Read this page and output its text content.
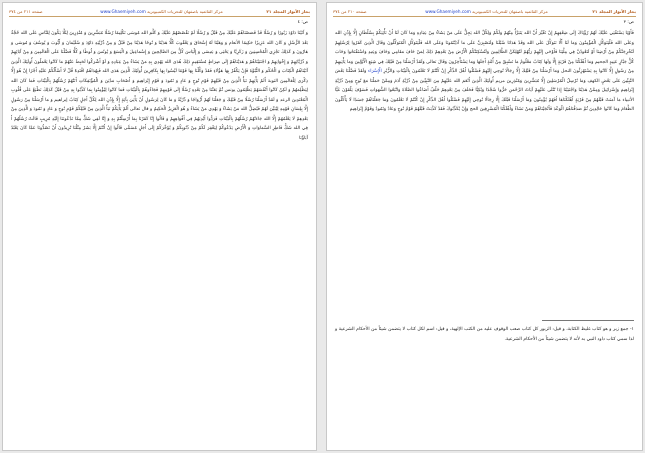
بحار الأنوار المجلد ٢١
مركز القائمية باصفهان للتحريات الكمبيوترية www.Ghaemiyeh.com
صفحة ٢١١ من ٣٧٤
ص: ٤

وَ آتَيْنَا دَاوُدَ زَبُورًا وَ رُسُلًا قَدْ قَصَصْنَاهُمْ عَلَيْكَ مِنْ قَبْلُ وَ رُسُلًا لَمْ نَقْصُصْهُمْ عَلَيْكَ وَ كَلَّمَ الله مُوسَى تَكْلِيمًا رُسُلًا مُبَشِّرِينَ وَ مُنْذِرِينَ لِئَلَّا يَكُونَ لِلنَّاسِ عَلَى الله حُجَّةٌ بَعْدَ الرُّسُلِ وَ كَانَ الله عَزِيزًا حَكِيمًا الأنعام وَ وَهَبْنَا لَهُ إِسْحَاقَ وَ يَعْقُوبَ كُلًّا هَدَيْنَا وَ نُوحًا هَدَيْنَا مِنْ قَبْلُ وَ مِنْ ذُرِّيَّتِهِ دَاوُدَ وَ سُلَيْمَانَ وَ أَيُّوبَ وَ يُوسُفَ وَ مُوسَى وَ هَارُونَ وَ كَذَلِكَ نَجْزِي الْمُحْسِنِينَ وَ زَكَرِيَّا وَ يَحْيَى وَ عِيسَى وَ إِلْيَاسَ كُلٌّ مِنَ الصَّالِحِينَ وَ إِسْمَاعِيلَ وَ الْيَسَعَ وَ يُونُسَ وَ لُوطًا وَ كُلًّا فَضَّلْنَا عَلَى الْعَالَمِينَ وَ مِنْ آبَائِهِمْ وَ ذُرِّيَّاتِهِمْ وَ إِخْوَانِهِمْ وَ اجْتَبَيْنَاهُمْ وَ هَدَيْنَاهُمْ إِلَى صِرَاطٍ مُسْتَقِيمٍ ذَلِكَ هُدَى الله يَهْدِي بِهِ مَنْ يَشَاءُ مِنْ عِبَادِهِ وَ لَوْ أَشْرَكُوا لَحَبِطَ عَنْهُمْ مَا كَانُوا يَعْمَلُونَ أُولَئِكَ الَّذِينَ آتَيْنَاهُمُ الْكِتَابَ وَ الْحُكْمَ وَ النُّبُوَّةَ فَإِنْ يَكْفُرْ بِهَا هَؤُلَاءِ فَقَدْ وَكَّلْنَا بِهَا قَوْمًا لَيْسُوا بِهَا بِكَافِرِينَ أُولَئِكَ الَّذِينَ هَدَى الله فَبِهُدَاهُمُ اقْتَدِهْ قُلْ لَا أَسْأَلُكُمْ عَلَيْهِ أَجْرًا إِنْ هُوَ إِلَّا ذِكْرَى لِلْعَالَمِينَ التوبة أَلَمْ يَأْتِهِمْ نَبَأُ الَّذِينَ مِنْ قَبْلِهِمْ قَوْمِ نُوحٍ وَ عَادٍ وَ ثَمُودَ وَ قَوْمِ إِبْرَاهِيمَ وَ أَصْحَابِ مَدْيَنَ وَ الْمُؤْتَفِكَاتِ أَتَتْهُمْ رُسُلُهُمْ بِالْبَيِّنَاتِ فَمَا كَانَ الله لِيَظْلِمَهُمْ وَ لَكِنْ كَانُوا أَنْفُسَهُمْ يَظْلِمُونَ يونس ثُمَّ بَعَثْنَا مِنْ بَعْدِهِ رُسُلًا إِلَى قَوْمِهِمْ فَجَاءُوهُمْ بِالْبَيِّنَاتِ فَمَا كَانُوا لِيُؤْمِنُوا بِمَا كَذَّبُوا بِهِ مِنْ قَبْلُ كَذَلِكَ نَطْبَعُ عَلَى قُلُوبِ الْمُعْتَدِينَ الرعد وَ لَقَدْ أَرْسَلْنَا رُسُلًا مِنْ قَبْلِكَ وَ جَعَلْنَا لَهُمْ أَزْوَاجًا وَ ذُرِّيَّةً وَ مَا كَانَ لِرَسُولٍ أَنْ يَأْتِيَ بِآيَةٍ إِلَّا بِإِذْنِ الله لِكُلِّ أَجَلٍ كِتَابٌ إبراهيم وَ مَا أَرْسَلْنَا مِنْ رَسُولٍ إِلَّا بِلِسَانِ قَوْمِهِ لِيُبَيِّنَ لَهُمْ فَيُضِلُّ الله مَنْ يَشَاءُ وَ يَهْدِي مَنْ يَشَاءُ وَ هُوَ الْعَزِيزُ الْحَكِيمُ و قال تعالى أَلَمْ يَأْتِكُمْ نَبَأُ الَّذِينَ مِنْ قَبْلِكُمْ قَوْمِ نُوحٍ وَ عَادٍ وَ ثَمُودَ وَ الَّذِينَ مِنْ بَعْدِهِمْ لَا يَعْلَمُهُمْ إِلَّا الله جَاءَتْهُمْ رُسُلُهُمْ بِالْبَيِّنَاتِ فَرَدُّوا أَيْدِيَهُمْ فِي أَفْوَاهِهِمْ وَ قَالُوا إِنَّا كَفَرْنَا بِمَا أُرْسِلْتُمْ بِهِ وَ إِنَّا لَفِي شَكٍّ مِمَّا تَدْعُونَنَا إِلَيْهِ مُرِيبٍ قَالَتْ رُسُلُهُمْ أَ فِي الله شَكٌّ فَاطِرِ السَّمَاوَاتِ وَ الْأَرْضِ يَدْعُوكُمْ لِيَغْفِرَ لَكُمْ مِنْ ذُنُوبِكُمْ وَ يُؤَخِّرَكُمْ إِلَى أَجَلٍ مُسَمًّى قَالُوا إِنْ أَنْتُمْ إِلَّا بَشَرٌ مِثْلُنَا تُرِيدُونَ أَنْ تَصُدُّونَا عَمَّا كَانَ يَعْبُدُ آبَاؤُنَا

بحار الأنوار المجلد ٢١
مركز القائمية باصفهان للتحريات الكمبيوترية www.Ghaemiyeh.com
صفحة ٢١٠ من ٣٧٤
ص: ٣

فَأَوْيَا يَسْتَفْتِي عَلَيْكَ لَهُمْ رُؤْيَاكَ إِلَى ضِعْفِهِمْ إِنْ تَغْيِّرَ أَنَّ الله يَتَبَرَّأُ مِنْهُمْ وَلَكُمْ وَلِكُلِّ الله يَجِلُّ عَلَى مَنْ يَشَاءُ مِنْ عِبَادِهِ وَمَا كَانَ لَنَا أَنْ نَأْتِيَكُمْ بِسُلْطَانٍ إِلَّا بِإِذْنِ الله وَعَلَى الله فَلْيَتَوَكَّلِ الْمُؤْمِنُونَ وَمَا لَنَا أَلَّا نَتَوَكَّلَ عَلَى الله وَقَدْ هَدَانَا سُبُلَنَا وَلَنَصْبِرَنَّ عَلَى مَا آذَيْتُمُونَا وَعَلَى الله فَلْيَتَوَكَّلِ الْمُتَوَكِّلُونَ وَقَالَ الَّذِينَ كَفَرُوا لِرُسُلِهِمْ لَنُخْرِجَنَّكُمْ مِنْ أَرْضِنَا أَوْ لَتَعُودُنَّ فِي مِلَّتِنَا فَأَوْحَى إِلَيْهِمْ رَبُّهُمْ لَنُهْلِكَنَّ الظَّالِمِينَ وَلَنُسْكِنَنَّكُمُ الْأَرْضَ مِنْ بَعْدِهِمْ ذَلِكَ لِمَنْ خَافَ مَقَامِي وَخَافَ وَعِيدِ وَاسْتَفْتَحُوا وَخَابَ كُلُّ جَبَّارٍ عَنِيدٍ الجحيم وَمَا أَهْلَكْنَا مِنْ قَرْيَةٍ إِلَّا وَلَهَا كِتَابٌ مَعْلُومٌ مَا تَسْبِقُ مِنْ أُمَّةٍ أَجَلَهَا وَمَا يَسْتَأْخِرُونَ وَقَالَ تعالى وَلَقَدْ أَرْسَلْنَا مِنْ قَبْلِكَ فِي شِيَعِ الْأَوَّلِينَ وَمَا يَأْتِيهِمْ مِنْ رَسُولٍ إِلَّا كَانُوا بِهِ يَسْتَهْزِئُونَ النحل وَمَا أَرْسَلْنَا مِنْ قَبْلِكَ إِلَّا رِجَالًا نُوحِي إِلَيْهِمْ فَسْئَلُوا أَهْلَ الذِّكْرِ إِنْ كُنْتُمْ لَا تَعْلَمُونَ بِالْبَيِّنَاتِ وَالزُّبُرِ الْإِسْرَاء وَلَقَدْ فَضَّلْنَا بَعْضَ النَّبِيِّينَ عَلَى بَعْضٍ الكهف وَمَا نُرْسِلُ الْمُرْسَلِينَ إِلَّا مُبَشِّرِينَ وَمُنْذِرِينَ مريم أُولَئِكَ الَّذِينَ أَنْعَمَ الله عَلَيْهِمْ مِنَ النَّبِيِّينَ مِنْ ذُرِّيَّةِ آدَمَ وَمِمَّنْ حَمَلْنَا مَعَ نُوحٍ وَمِنْ ذُرِّيَّةِ إِبْرَاهِيمَ وَإِسْرَائِيلَ وَمِمَّنْ هَدَيْنَا وَاجْتَبَيْنَا إِذَا تُتْلَى عَلَيْهِمْ آيَاتُ الرَّحْمَنِ خَرُّوا سُجَّدًا وَبُكِيًّا فَخَلَفَ مِنْ بَعْدِهِمْ خَلْفٌ أَضَاعُوا الصَّلَاةَ وَاتَّبَعُوا الشَّهَوَاتِ فَسَوْفَ يَلْقَوْنَ غَيًّا الأنبياء مَا آمَنَتْ قَبْلَهُمْ مِنْ قَرْيَةٍ أَهْلَكْنَاهَا أَفَهُمْ يُؤْمِنُونَ وَمَا أَرْسَلْنَا قَبْلَكَ إِلَّا رِجَالًا نُوحِي إِلَيْهِمْ فَسْئَلُوا أَهْلَ الذِّكْرِ إِنْ كُنْتُمْ لَا تَعْلَمُونَ وَمَا جَعَلْنَاهُمْ جَسَدًا لَا يَأْكُلُونَ الطَّعَامَ وَمَا كَانُوا خَالِدِينَ ثُمَّ صَدَقْنَاهُمُ الْوَعْدَ فَأَنْجَيْنَاهُمْ وَمَنْ نَشَاءُ وَأَهْلَكْنَا الْمُسْرِفِينَ الحج وَإِنْ يُكَذِّبُوكَ فَقَدْ كَذَّبَتْ قَبْلَهُمْ قَوْمُ نُوحٍ وَعَادٌ وَثَمُودُ وَقَوْمُ إِبْرَاهِيمَ

١- جمع زبر و هو كتاب غليظ الكتابة، و قيل: الزبور كل كتاب صعب الوقوف عليه من الكتب الإلهية، و قيل: اسم لكل كتاب لا يتضمن شيئاً من الأحكام الشرعية و لذا سمي كتاب داود النبي به لأنه لا يتضمن شيئاً من الأحكام الشرعية.
